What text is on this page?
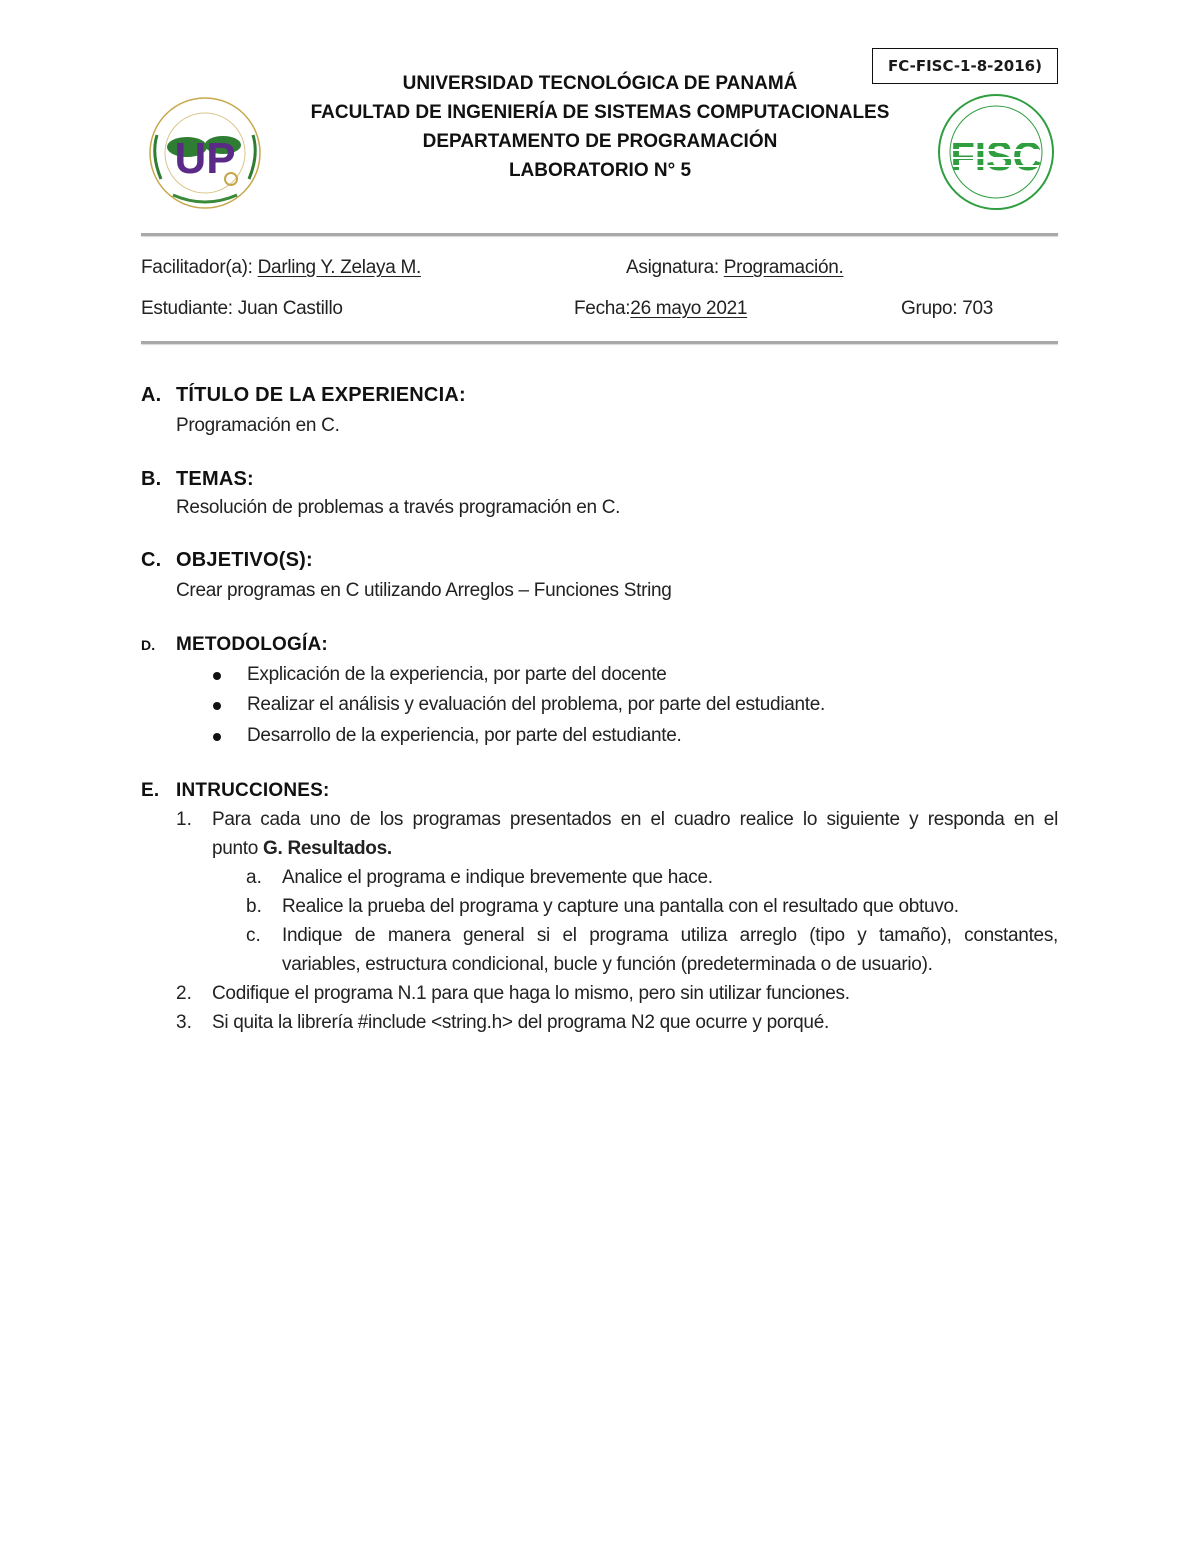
FC-FISC-1-8-2016)
UP	FISC
UNIVERSIDAD TECNOLÓGICA DE PANAMÁ
FACULTAD DE INGENIERÍA DE SISTEMAS COMPUTACIONALES
DEPARTAMENTO DE PROGRAMACIÓN
LABORATORIO N° 5
Facilitador(a): Darling Y. Zelaya M.	Asignatura: Programación.
Estudiante: Juan Castillo	Fecha:26 mayo 2021	Grupo: 703
A. TÍTULO DE LA EXPERIENCIA:
Programación en C.
B. TEMAS:
Resolución de problemas a través programación en C.
C. OBJETIVO(S):
Crear programas en C utilizando Arreglos – Funciones String
D. METODOLOGÍA:
Explicación de la experiencia, por parte del docente
Realizar el análisis y evaluación del problema, por parte del estudiante.
Desarrollo de la experiencia, por parte del estudiante.
E. INTRUCCIONES:
1. Para cada uno de los programas presentados en el cuadro realice lo siguiente y responda en el
punto G. Resultados.
a. Analice el programa e indique brevemente que hace.
b. Realice la prueba del programa y capture una pantalla con el resultado que obtuvo.
c. Indique de manera general si el programa utiliza arreglo (tipo y tamaño), constantes,
variables, estructura condicional, bucle y función (predeterminada o de usuario).
2. Codifique el programa N.1 para que haga lo mismo, pero sin utilizar funciones.
3. Si quita la librería #include <string.h> del programa N2 que ocurre y porqué.
